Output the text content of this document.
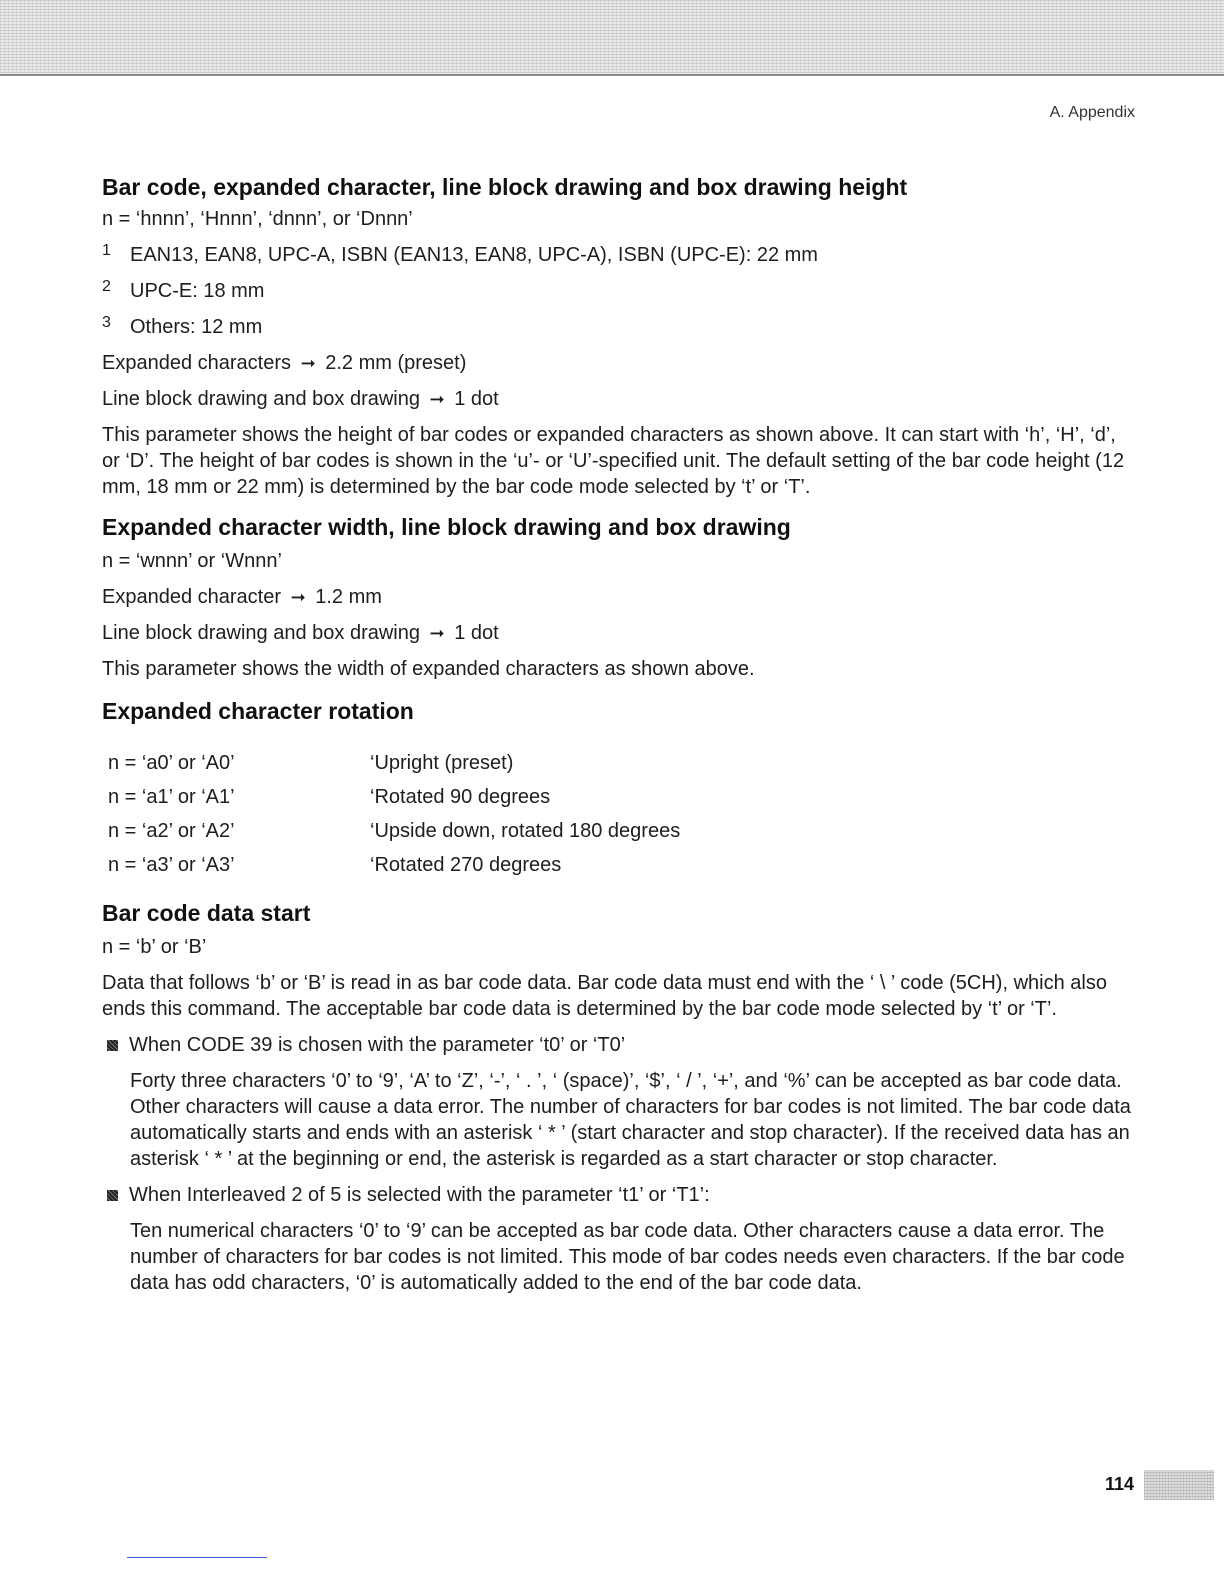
A. Appendix
Bar code, expanded character, line block drawing and box drawing height

n = ‘hnnn’, ‘Hnnn’, ‘dnnn’, or ‘Dnnn’

1 EAN13, EAN8, UPC-A, ISBN (EAN13, EAN8, UPC-A), ISBN (UPC-E): 22 mm
2 UPC-E: 18 mm
3 Others: 12 mm

Expanded characters ➞ 2.2 mm (preset)

Line block drawing and box drawing ➞ 1 dot

This parameter shows the height of bar codes or expanded characters as shown above. It can start with ‘h’, ‘H’, ‘d’, or ‘D’. The height of bar codes is shown in the ‘u’- or ‘U’-specified unit. The default setting of the bar code height (12 mm, 18 mm or 22 mm) is determined by the bar code mode selected by ‘t’ or ‘T’.

Expanded character width, line block drawing and box drawing

n = ‘wnnn’ or ‘Wnnn’

Expanded character ➞ 1.2 mm

Line block drawing and box drawing ➞ 1 dot

This parameter shows the width of expanded characters as shown above.

Expanded character rotation
n = ‘a0’ or ‘A0’	‘Upright (preset)
n = ‘a1’ or ‘A1’	‘Rotated 90 degrees
n = ‘a2’ or ‘A2’	‘Upside down, rotated 180 degrees
n = ‘a3’ or ‘A3’	‘Rotated 270 degrees
Bar code data start

n = ‘b’ or ‘B’

Data that follows ‘b’ or ‘B’ is read in as bar code data. Bar code data must end with the ‘ \ ’ code (5CH), which also ends this command. The acceptable bar code data is determined by the bar code mode selected by ‘t’ or ‘T’.

When CODE 39 is chosen with the parameter ‘t0’ or ‘T0’

Forty three characters ‘0’ to ‘9’, ‘A’ to ‘Z’, ‘-’, ‘ . ’, ‘ (space)’, ‘$’, ‘ / ’, ‘+’, and ‘%’ can be accepted as bar code data. Other characters will cause a data error. The number of characters for bar codes is not limited. The bar code data automatically starts and ends with an asterisk ‘ * ’ (start character and stop character). If the received data has an asterisk ‘ * ’ at the beginning or end, the asterisk is regarded as a start character or stop character.

When Interleaved 2 of 5 is selected with the parameter ‘t1’ or ‘T1’:

Ten numerical characters ‘0’ to ‘9’ can be accepted as bar code data. Other characters cause a data error. The number of characters for bar codes is not limited. This mode of bar codes needs even characters. If the bar code data has odd characters, ‘0’ is automatically added to the end of the bar code data.

114
